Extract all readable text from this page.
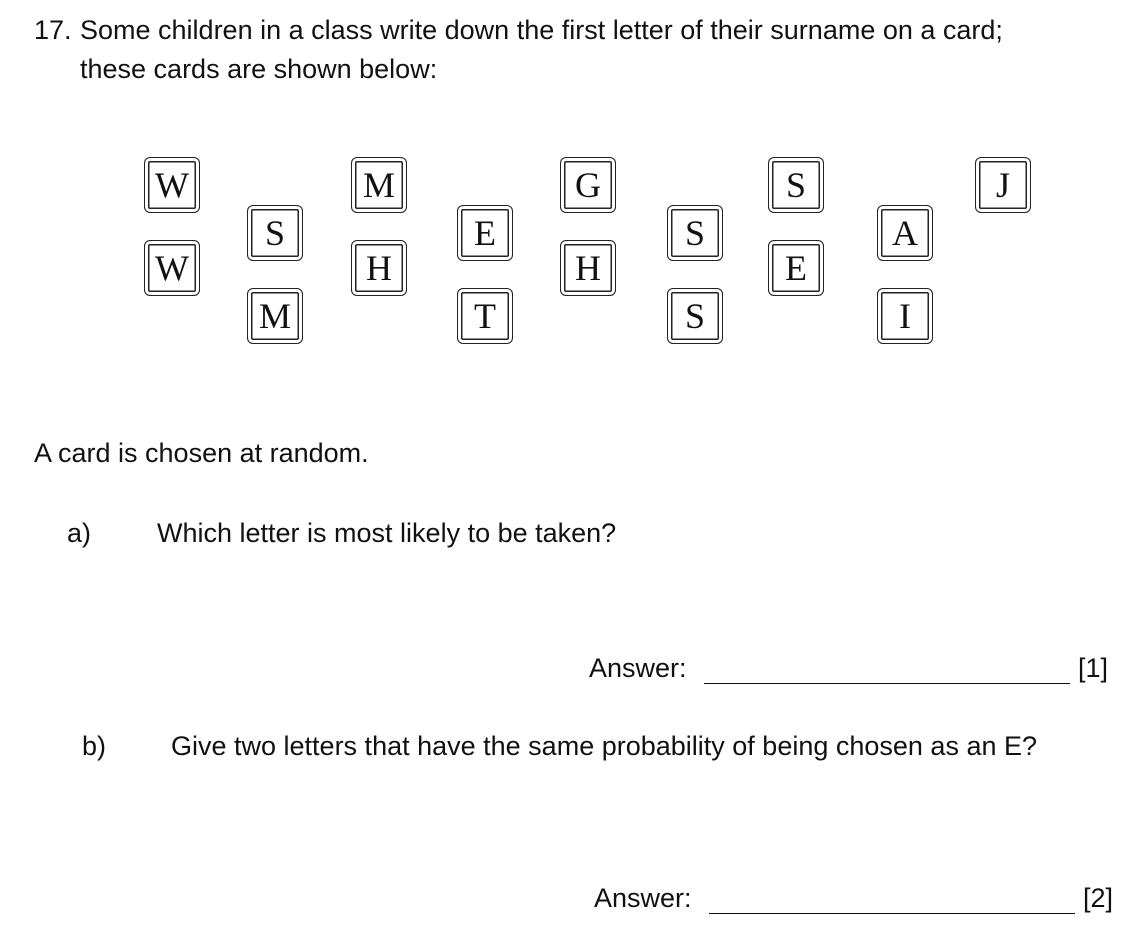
17. Some children in a class write down the first letter of their surname on a card;
these cards are shown below:
W
W
S
M
M
H
E
T
G
H
S
S
S
E
A
I
J
A card is chosen at random.
a) Which letter is most likely to be taken?
Answer:	[1]
b) Give two letters that have the same probability of being chosen as an E?
Answer:	[2]
